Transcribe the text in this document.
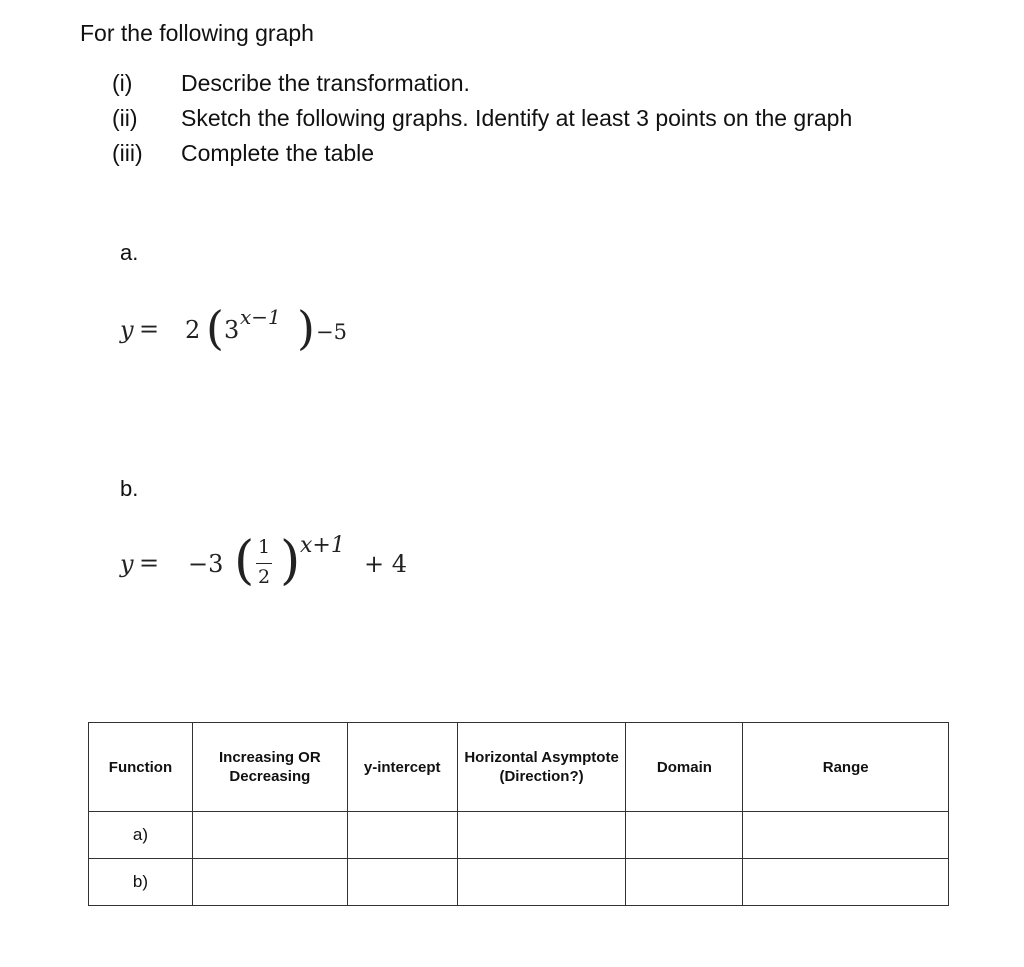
For the following graph
(i) Describe the transformation.
(ii) Sketch the following graphs. Identify at least 3 points on the graph
(iii) Complete the table
a.
y = 2 ( 3 x−1 ) −5
b.
y = −3 ( 1
2 ) x+1
+ 4
Function	Increasing OR Decreasing	y-intercept	Horizontal Asymptote (Direction?)	Domain	Range
a)					
b)					
